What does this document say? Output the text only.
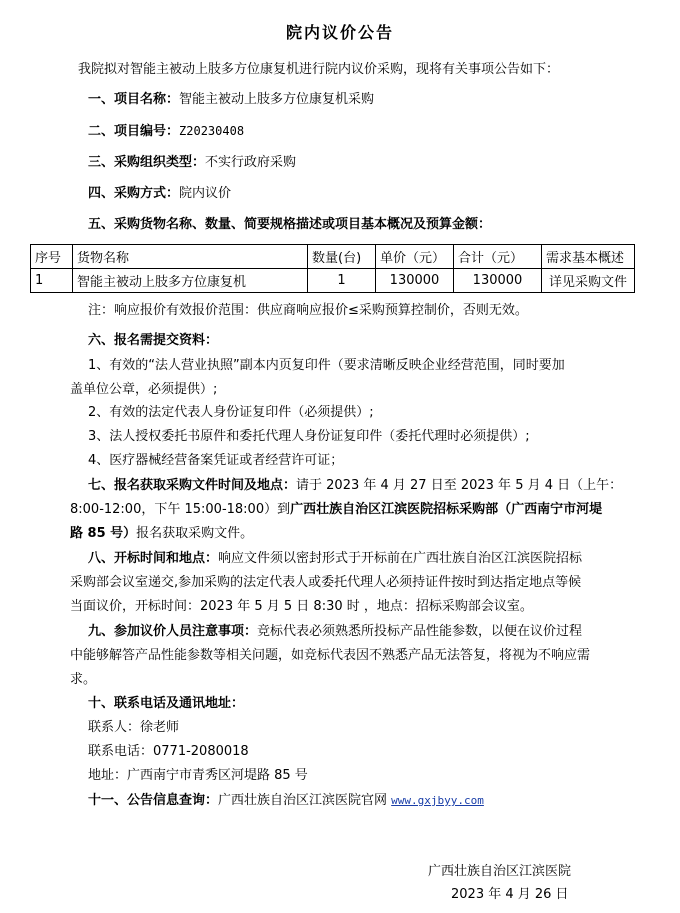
院内议价公告
我院拟对智能主被动上肢多方位康复机进行院内议价采购，现将有关事项公告如下：
一、项目名称：智能主被动上肢多方位康复机采购
二、项目编号：Z20230408
三、采购组织类型：不实行政府采购
四、采购方式：院内议价
五、采购货物名称、数量、简要规格描述或项目基本概况及预算金额：
序号	货物名称	数量(台)	单价（元）	合计（元）	需求基本概述
1	智能主被动上肢多方位康复机	1	130000	130000	详见采购文件
注：响应报价有效报价范围：供应商响应报价≤采购预算控制价，否则无效。
六、报名需提交资料：
1、有效的“法人营业执照”副本内页复印件（要求清晰反映企业经营范围，同时要加
盖单位公章，必须提供）;
2、有效的法定代表人身份证复印件（必须提供）;
3、法人授权委托书原件和委托代理人身份证复印件（委托代理时必须提供）;
4、医疗器械经营备案凭证或者经营许可证；
七、报名获取采购文件时间及地点：请于 2023 年 4 月 27 日至 2023 年 5 月 4 日（上午：
8:00-12:00，下午 15:00-18:00）到广西壮族自治区江滨医院招标采购部（广西南宁市河堤
路 85 号）报名获取采购文件。
八、开标时间和地点：响应文件须以密封形式于开标前在广西壮族自治区江滨医院招标
采购部会议室递交,参加采购的法定代表人或委托代理人必须持证件按时到达指定地点等候
当面议价，开标时间：2023 年 5 月 5 日 8:30 时 ，地点：招标采购部会议室。
九、参加议价人员注意事项：竞标代表必须熟悉所投标产品性能参数，以便在议价过程
中能够解答产品性能参数等相关问题，如竞标代表因不熟悉产品无法答复，将视为不响应需
求。
十、联系电话及通讯地址：
联系人：徐老师
联系电话：0771-2080018
地址：广西南宁市青秀区河堤路 85 号
十一、公告信息查询：广西壮族自治区江滨医院官网 www.gxjbyy.com
广西壮族自治区江滨医院
2023 年 4 月 26 日
